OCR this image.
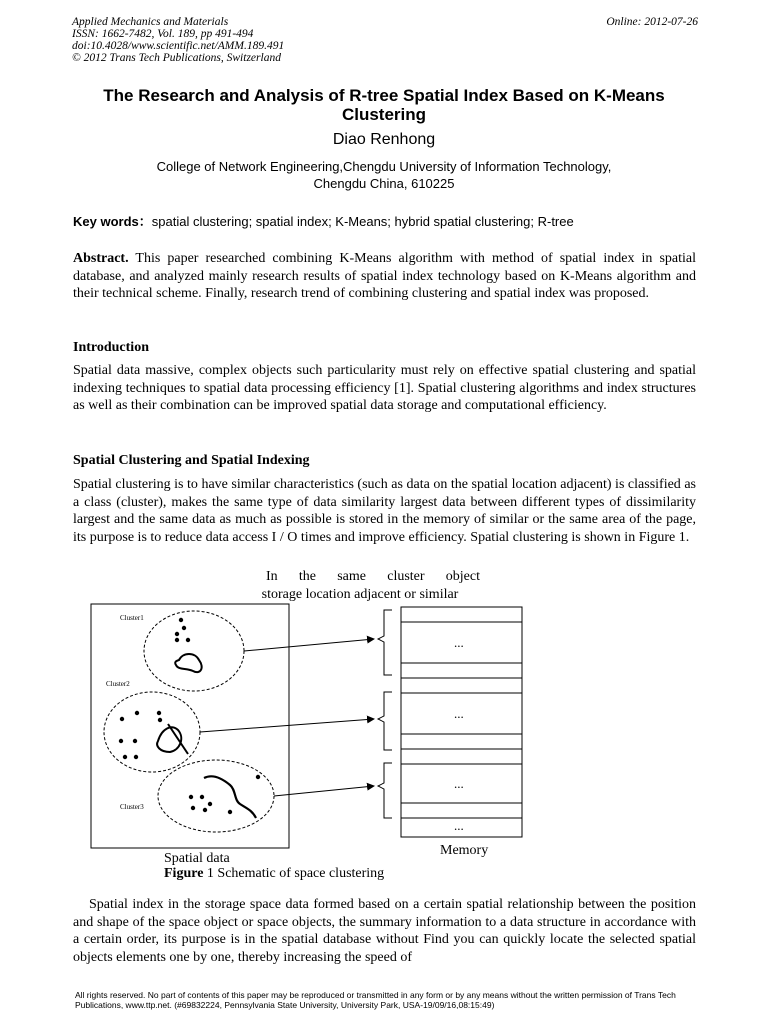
Applied Mechanics and Materials
ISSN: 1662-7482, Vol. 189, pp 491-494
doi:10.4028/www.scientific.net/AMM.189.491
© 2012 Trans Tech Publications, Switzerland
Online: 2012-07-26
The Research and Analysis of R-tree Spatial Index Based on K-Means Clustering
Diao Renhong
College of Network Engineering,Chengdu University of Information Technology,
Chengdu China, 610225
Key words：spatial clustering; spatial index; K-Means; hybrid spatial clustering; R-tree
Abstract. This paper researched combining K-Means algorithm with method of spatial index in spatial database, and analyzed mainly research results of spatial index technology based on K-Means algorithm and their technical scheme. Finally, research trend of combining clustering and spatial index was proposed.
Introduction
Spatial data massive, complex objects such particularity must rely on effective spatial clustering and spatial indexing techniques to spatial data processing efficiency [1]. Spatial clustering algorithms and index structures as well as their combination can be improved spatial data storage and computational efficiency.
Spatial Clustering and Spatial Indexing
Spatial clustering is to have similar characteristics (such as data on the spatial location adjacent) is classified as a class (cluster), makes the same type of data similarity largest data between different types of dissimilarity largest and the same data as much as possible is stored in the memory of similar or the same area of the page, its purpose is to reduce data access I / O times and improve efficiency. Spatial clustering is shown in Figure 1.
In the same cluster object
storage location adjacent or similar
Cluster1
Cluster2
Cluster3
...
...
...
...
Spatial data
Memory
Figure 1 Schematic of space clustering
Spatial index in the storage space data formed based on a certain spatial relationship between the position and shape of the space object or space objects, the summary information to a data structure in accordance with a certain order, its purpose is in the spatial database without Find you can quickly locate the selected spatial objects elements one by one, thereby increasing the speed of
All rights reserved. No part of contents of this paper may be reproduced or transmitted in any form or by any means without the written permission of Trans Tech Publications, www.ttp.net. (#69832224, Pennsylvania State University, University Park, USA-19/09/16,08:15:49)
